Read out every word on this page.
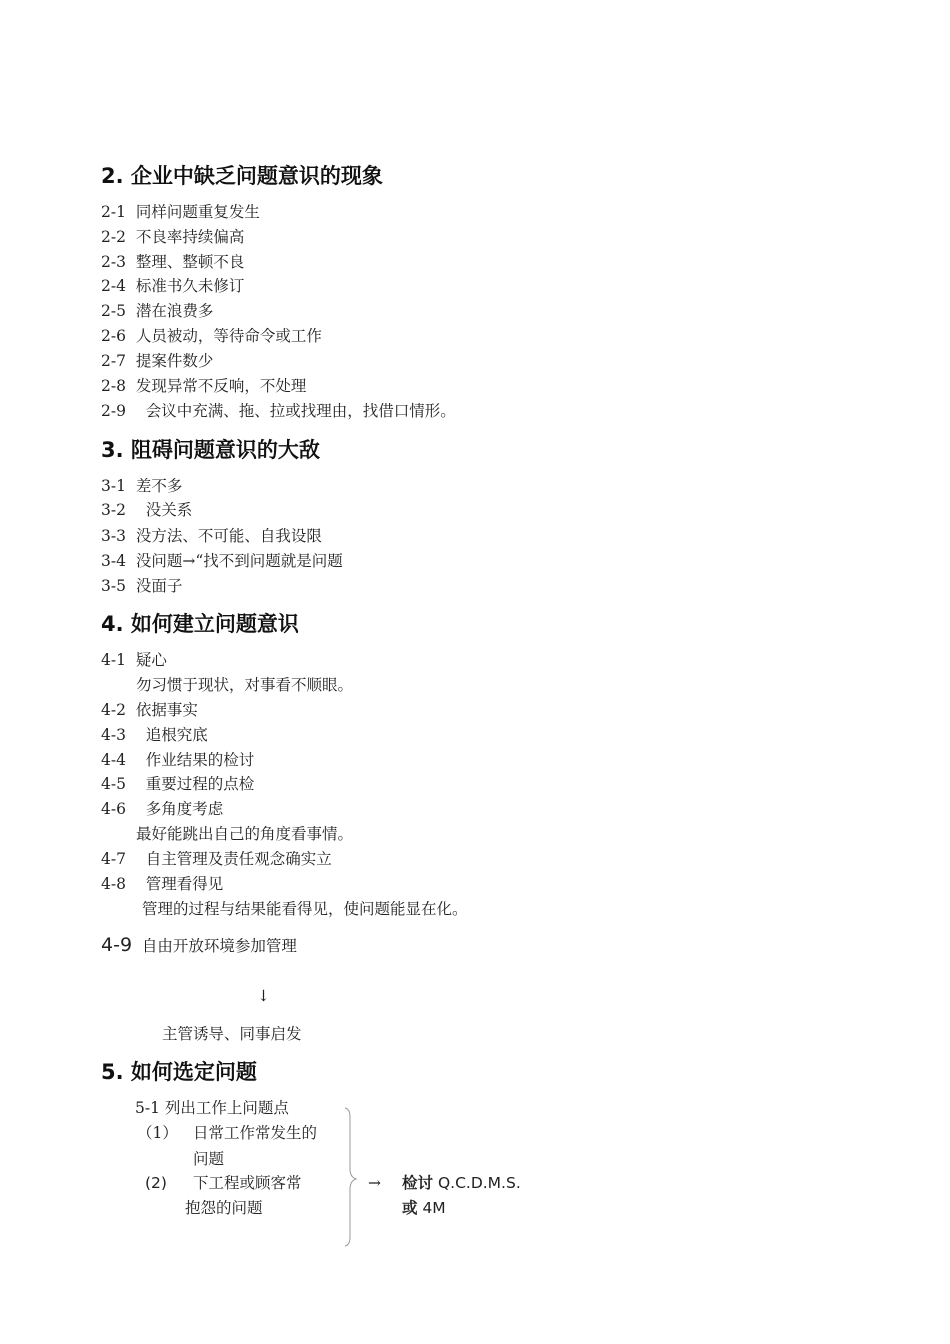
2. 企业中缺乏问题意识的现象
2-1 同样问题重复发生
2-2 不良率持续偏高
2-3 整理、整顿不良
2-4 标准书久未修订
2-5 潜在浪费多
2-6 人员被动，等待命令或工作
2-7 提案件数少
2-8 发现异常不反响，不处理
2-9 会议中充满、拖、拉或找理由，找借口情形。
3. 阻碍问题意识的大敌
3-1 差不多
3-2 没关系
3-3 没方法、不可能、自我设限
3-4 没问题→“找不到问题就是问题
3-5 没面子
4. 如何建立问题意识
4-1 疑心
勿习惯于现状，对事看不顺眼。
4-2 依据事实
4-3 追根究底
4-4 作业结果的检讨
4-5 重要过程的点检
4-6 多角度考虑
最好能跳出自己的角度看事情。
4-7 自主管理及责任观念确实立
4-8 管理看得见
管理的过程与结果能看得见，使问题能显在化。
4-9 自由开放环境参加管理
↓
主管诱导、同事启发
5. 如何选定问题
5-1 列出工作上问题点
（1） 日常工作常发生的
问题
(2) 下工程或顾客常
抱怨的问题
→ 检讨 Q.C.D.M.S.
或 4M
